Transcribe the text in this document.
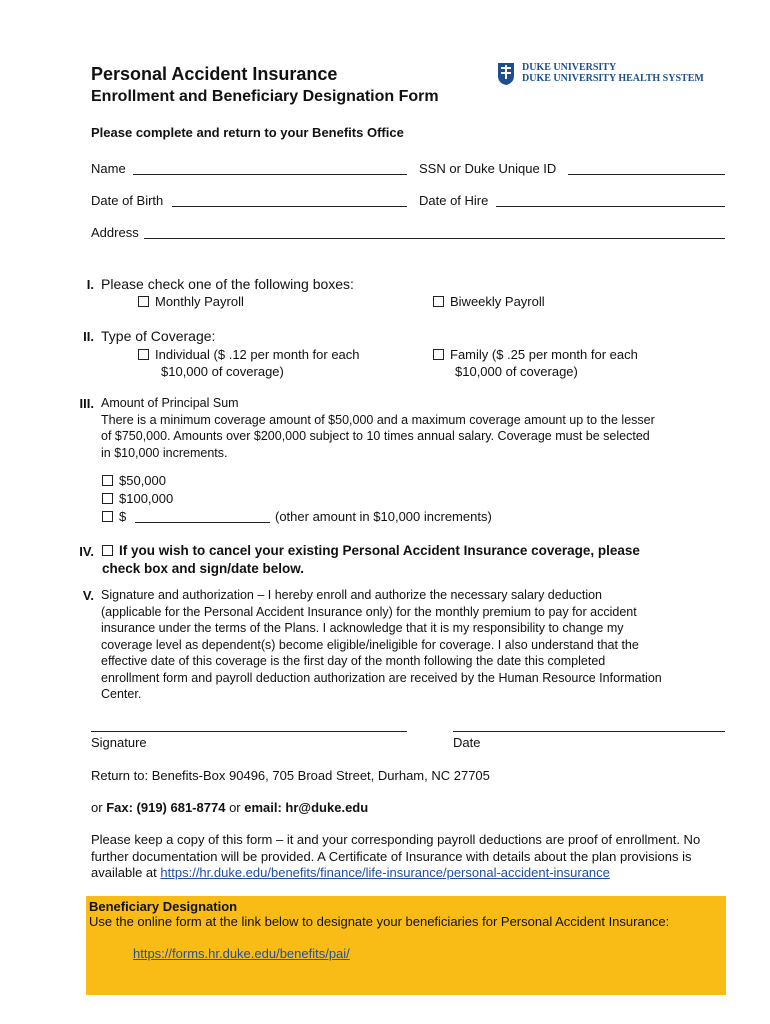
Personal Accident Insurance
Enrollment and Beneficiary Designation Form
DUKE UNIVERSITY
DUKE UNIVERSITY HEALTH SYSTEM
Please complete and return to your Benefits Office
Name	SSN or Duke Unique ID
Date of Birth	Date of Hire
Address
I. Please check one of the following boxes:
Monthly Payroll	Biweekly Payroll
II. Type of Coverage:
Individual ($ .12 per month for each
$10,000 of coverage)
Family ($ .25 per month for each
$10,000 of coverage)
III. Amount of Principal Sum
There is a minimum coverage amount of $50,000 and a maximum coverage amount up to the lesser
of $750,000. Amounts over $200,000 subject to 10 times annual salary. Coverage must be selected
in $10,000 increments.
$50,000
$100,000
$	(other amount in $10,000 increments)
IV.	If you wish to cancel your existing Personal Accident Insurance coverage, please
check box and sign/date below.
V. Signature and authorization – I hereby enroll and authorize the necessary salary deduction
(applicable for the Personal Accident Insurance only) for the monthly premium to pay for accident
insurance under the terms of the Plans. I acknowledge that it is my responsibility to change my
coverage level as dependent(s) become eligible/ineligible for coverage. I also understand that the
effective date of this coverage is the first day of the month following the date this completed
enrollment form and payroll deduction authorization are received by the Human Resource Information
Center.
Signature	Date
Return to: Benefits-Box 90496, 705 Broad Street, Durham, NC 27705
or Fax: (919) 681-8774 or email: hr@duke.edu
Please keep a copy of this form – it and your corresponding payroll deductions are proof of enrollment. No
further documentation will be provided. A Certificate of Insurance with details about the plan provisions is
available at https://hr.duke.edu/benefits/finance/life-insurance/personal-accident-insurance
Beneficiary Designation
Use the online form at the link below to designate your beneficiaries for Personal Accident Insurance:
https://forms.hr.duke.edu/benefits/pai/
